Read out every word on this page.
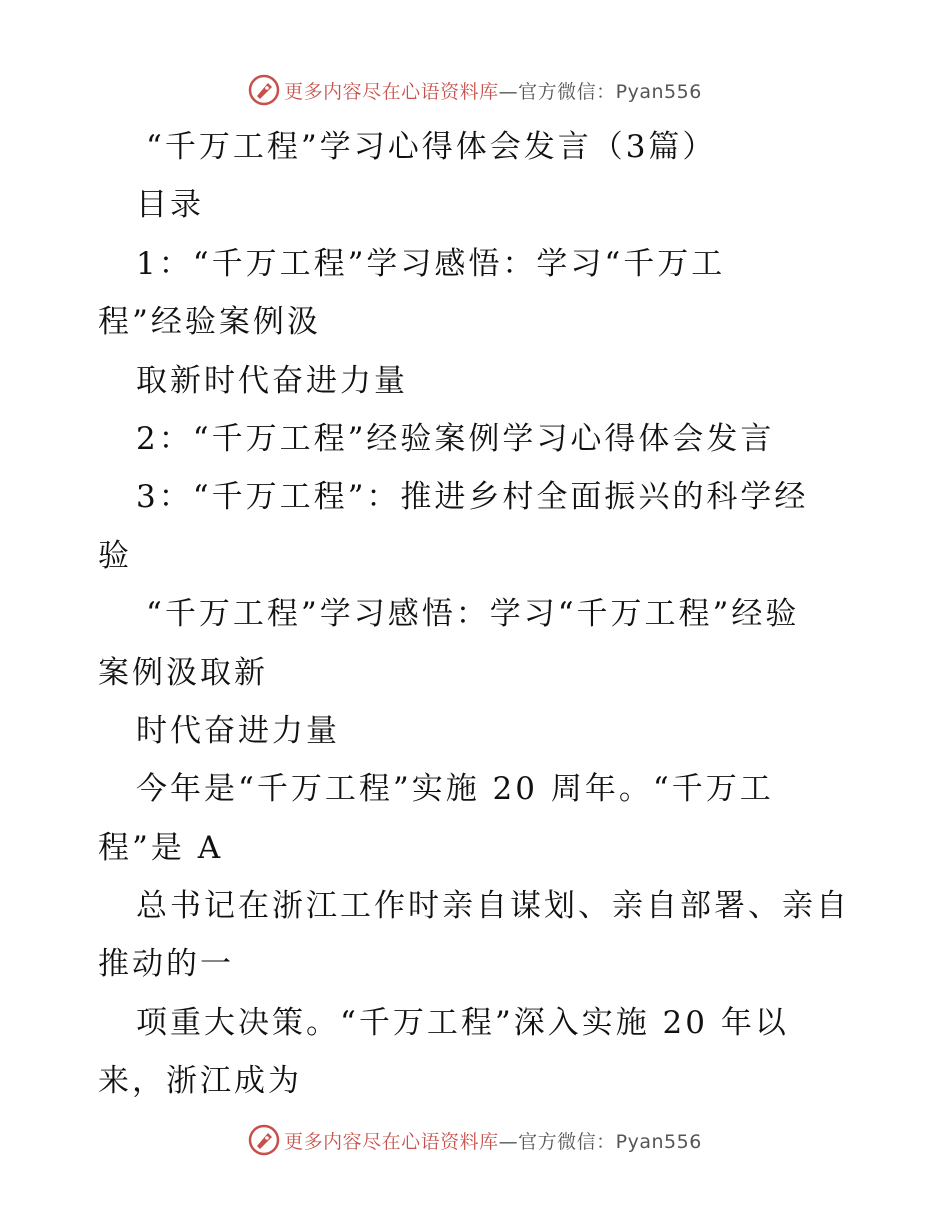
更多内容尽在心语资料库—官方微信：Pyan556
“千万工程”学习心得体会发言（3篇）
目录
1：“千万工程”学习感悟：学习“千万工
程”经验案例汲
取新时代奋进力量
2：“千万工程”经验案例学习心得体会发言
3：“千万工程”：推进乡村全面振兴的科学经
验
“千万工程”学习感悟：学习“千万工程”经验
案例汲取新
时代奋进力量
今年是“千万工程”实施 20 周年。“千万工
程”是 A
总书记在浙江工作时亲自谋划、亲自部署、亲自
推动的一
项重大决策。“千万工程”深入实施 20 年以
来，浙江成为
更多内容尽在心语资料库—官方微信：Pyan556
